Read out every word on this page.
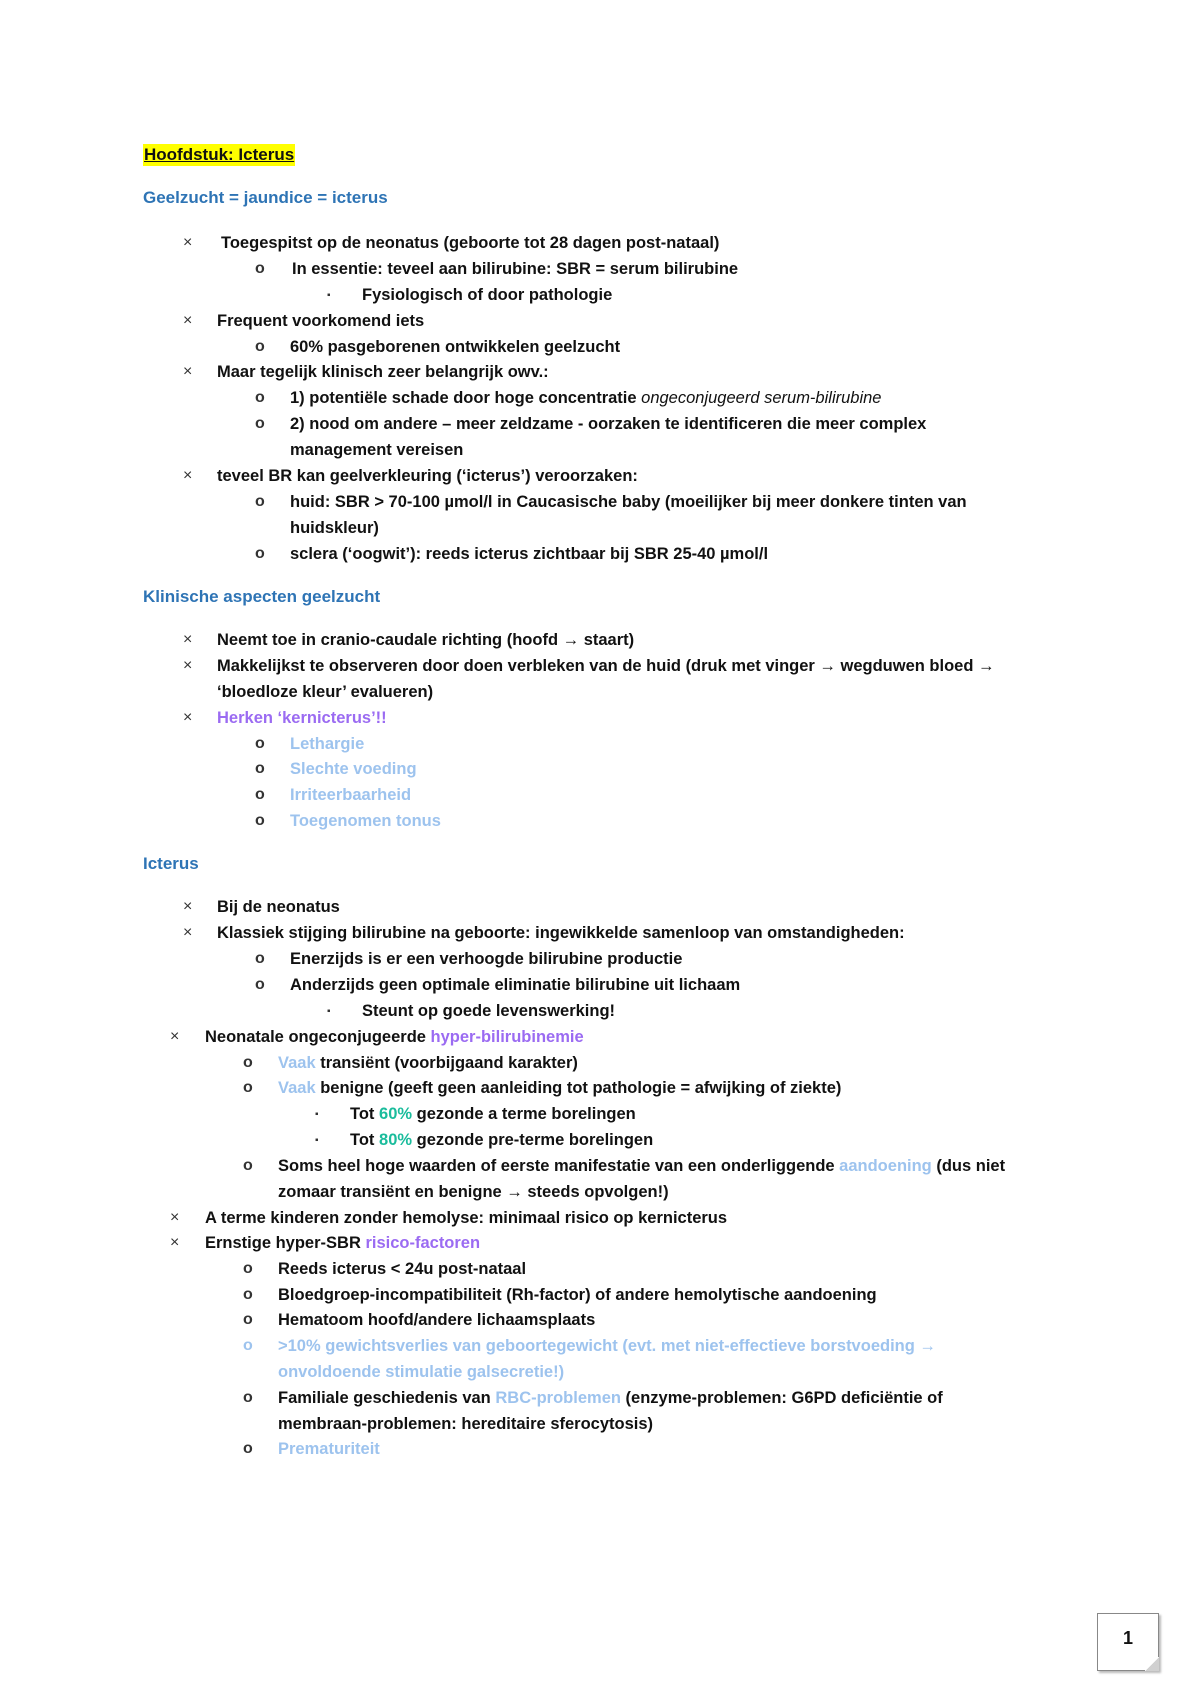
Hoofdstuk: Icterus
Geelzucht = jaundice = icterus
× Toegespitst op de neonatus (geboorte tot 28 dagen post-nataal)
o In essentie: teveel aan bilirubine: SBR = serum bilirubine
▪ Fysiologisch of door pathologie
× Frequent voorkomend iets
o 60% pasgeborenen ontwikkelen geelzucht
× Maar tegelijk klinisch zeer belangrijk owv.:
o 1) potentiële schade door hoge concentratie ongeconjugeerd serum-bilirubine
o 2) nood om andere – meer zeldzame - oorzaken te identificeren die meer complex
management vereisen
× teveel BR kan geelverkleuring (‘icterus’) veroorzaken:
o huid: SBR > 70-100 µmol/l in Caucasische baby (moeilijker bij meer donkere tinten van
huidskleur)
o sclera (‘oogwit’): reeds icterus zichtbaar bij SBR 25-40 µmol/l
Klinische aspecten geelzucht
× Neemt toe in cranio-caudale richting (hoofd → staart)
× Makkelijkst te observeren door doen verbleken van de huid (druk met vinger → wegduwen bloed →
‘bloedloze kleur’ evalueren)
× Herken ‘kernicterus’!!
o Lethargie
o Slechte voeding
o Irriteerbaarheid
o Toegenomen tonus
Icterus
× Bij de neonatus
× Klassiek stijging bilirubine na geboorte: ingewikkelde samenloop van omstandigheden:
o Enerzijds is er een verhoogde bilirubine productie
o Anderzijds geen optimale eliminatie bilirubine uit lichaam
▪ Steunt op goede levenswerking!
× Neonatale ongeconjugeerde hyper-bilirubinemie
o Vaak transiënt (voorbijgaand karakter)
o Vaak benigne (geeft geen aanleiding tot pathologie = afwijking of ziekte)
▪ Tot 60% gezonde a terme borelingen
▪ Tot 80% gezonde pre-terme borelingen
o Soms heel hoge waarden of eerste manifestatie van een onderliggende aandoening (dus niet
zomaar transiënt en benigne → steeds opvolgen!)
× A terme kinderen zonder hemolyse: minimaal risico op kernicterus
× Ernstige hyper-SBR risico-factoren
o Reeds icterus < 24u post-nataal
o Bloedgroep-incompatibiliteit (Rh-factor) of andere hemolytische aandoening
o Hematoom hoofd/andere lichaamsplaats
o >10% gewichtsverlies van geboortegewicht (evt. met niet-effectieve borstvoeding →
onvoldoende stimulatie galsecretie!)
o Familiale geschiedenis van RBC-problemen (enzyme-problemen: G6PD deficiëntie of
membraan-problemen: hereditaire sferocytosis)
o Prematuriteit
1
